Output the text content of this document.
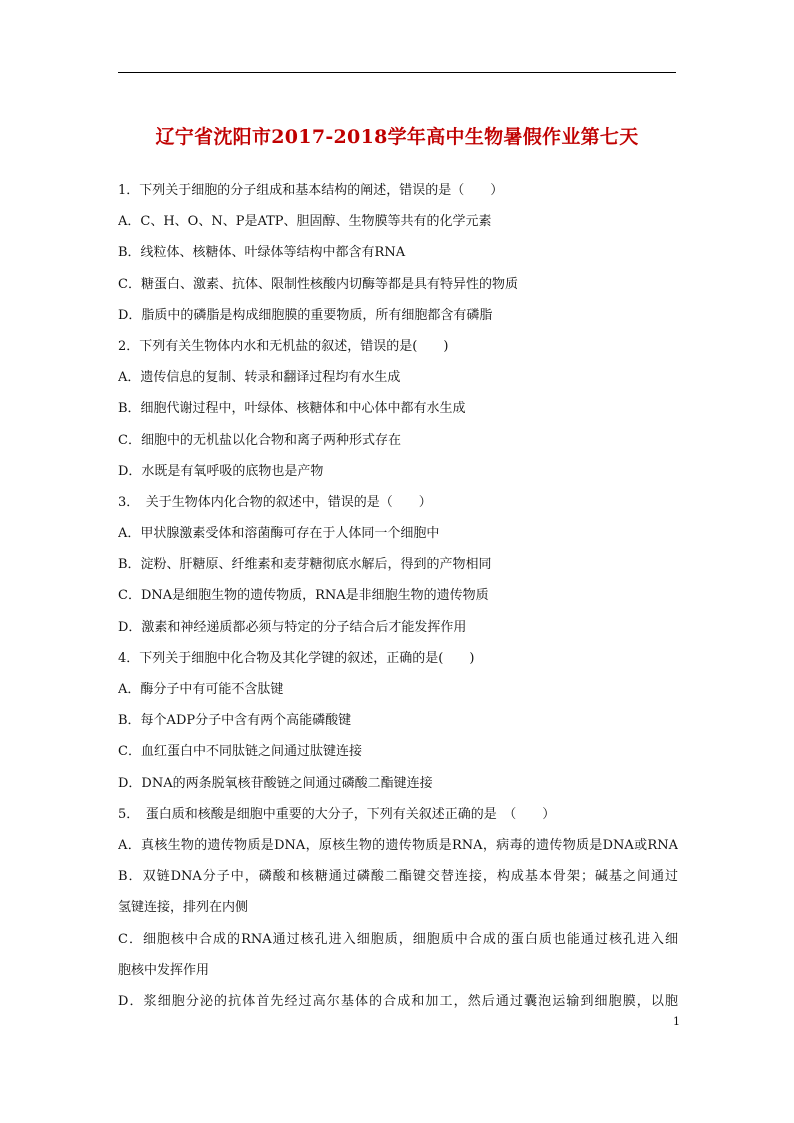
辽宁省沈阳市2017-2018学年高中生物暑假作业第七天
1．下列关于细胞的分子组成和基本结构的阐述，错误的是（　　）
A．C、H、O、N、P是ATP、胆固醇、生物膜等共有的化学元素
B．线粒体、核糖体、叶绿体等结构中都含有RNA
C．糖蛋白、激素、抗体、限制性核酸内切酶等都是具有特异性的物质
D．脂质中的磷脂是构成细胞膜的重要物质，所有细胞都含有磷脂
2．下列有关生物体内水和无机盐的叙述，错误的是(　　)
A．遗传信息的复制、转录和翻译过程均有水生成
B．细胞代谢过程中，叶绿体、核糖体和中心体中都有水生成
C．细胞中的无机盐以化合物和离子两种形式存在
D．水既是有氧呼吸的底物也是产物
3．　关于生物体内化合物的叙述中，错误的是（　　）
A．甲状腺激素受体和溶菌酶可存在于人体同一个细胞中
B．淀粉、肝糖原、纤维素和麦芽糖彻底水解后，得到的产物相同
C．DNA是细胞生物的遗传物质，RNA是非细胞生物的遗传物质
D．激素和神经递质都必须与特定的分子结合后才能发挥作用
4．下列关于细胞中化合物及其化学键的叙述，正确的是(　　)
A．酶分子中有可能不含肽键
B．每个ADP分子中含有两个高能磷酸键
C．血红蛋白中不同肽链之间通过肽键连接
D．DNA的两条脱氧核苷酸链之间通过磷酸二酯键连接
5．　蛋白质和核酸是细胞中重要的大分子，下列有关叙述正确的是　（　　）
A．真核生物的遗传物质是DNA，原核生物的遗传物质是RNA，病毒的遗传物质是DNA或RNA
B．双链DNA分子中，磷酸和核糖通过磷酸二酯键交替连接，构成基本骨架；碱基之间通过
氢键连接，排列在内侧
C．细胞核中合成的RNA通过核孔进入细胞质，细胞质中合成的蛋白质也能通过核孔进入细
胞核中发挥作用
D．浆细胞分泌的抗体首先经过高尔基体的合成和加工，然后通过囊泡运输到细胞膜，以胞
1
